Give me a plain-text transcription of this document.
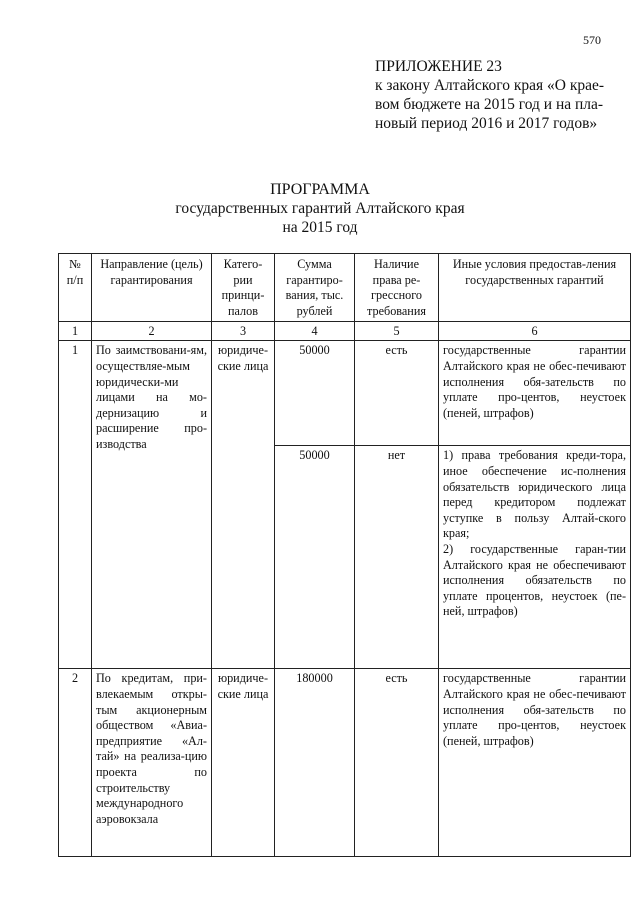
570
ПРИЛОЖЕНИЕ 23
к закону Алтайского края «О крае-
вом бюджете на 2015 год и на пла-
новый период 2016 и 2017 годов»
ПРОГРАММА
государственных гарантий Алтайского края
на 2015 год
№ п/п	Направление (цель) гарантирования	Катего-рии принци-палов	Сумма гарантиро-вания, тыс. рублей	Наличие права ре-грессного требования	Иные условия предостав-ления государственных гарантий
1	2	3	4	5	6
1	По заимствовани-ям, осуществляе-мым юридически-ми лицами на мо-дернизацию и расширение про-изводства	юридиче-ские лица	50000	есть	государственные гарантии Алтайского края не обес-печивают исполнения обя-зательств по уплате про-центов, неустоек (пеней, штрафов)
			50000	нет	1) права требования креди-тора, иное обеспечение ис-полнения обязательств юридического лица перед кредитором подлежат уступке в пользу Алтай-ского края;
2) государственные гаран-тии Алтайского края не обеспечивают исполнения обязательств по уплате процентов, неустоек (пе-ней, штрафов)

2	По кредитам, при-влекаемым откры-тым акционерным обществом «Авиа-предприятие «Ал-тай» на реализа-цию проекта по строительству международного аэровокзала	юридиче-ские лица	180000	есть	государственные гарантии Алтайского края не обес-печивают исполнения обя-зательств по уплате про-центов, неустоек (пеней, штрафов)
